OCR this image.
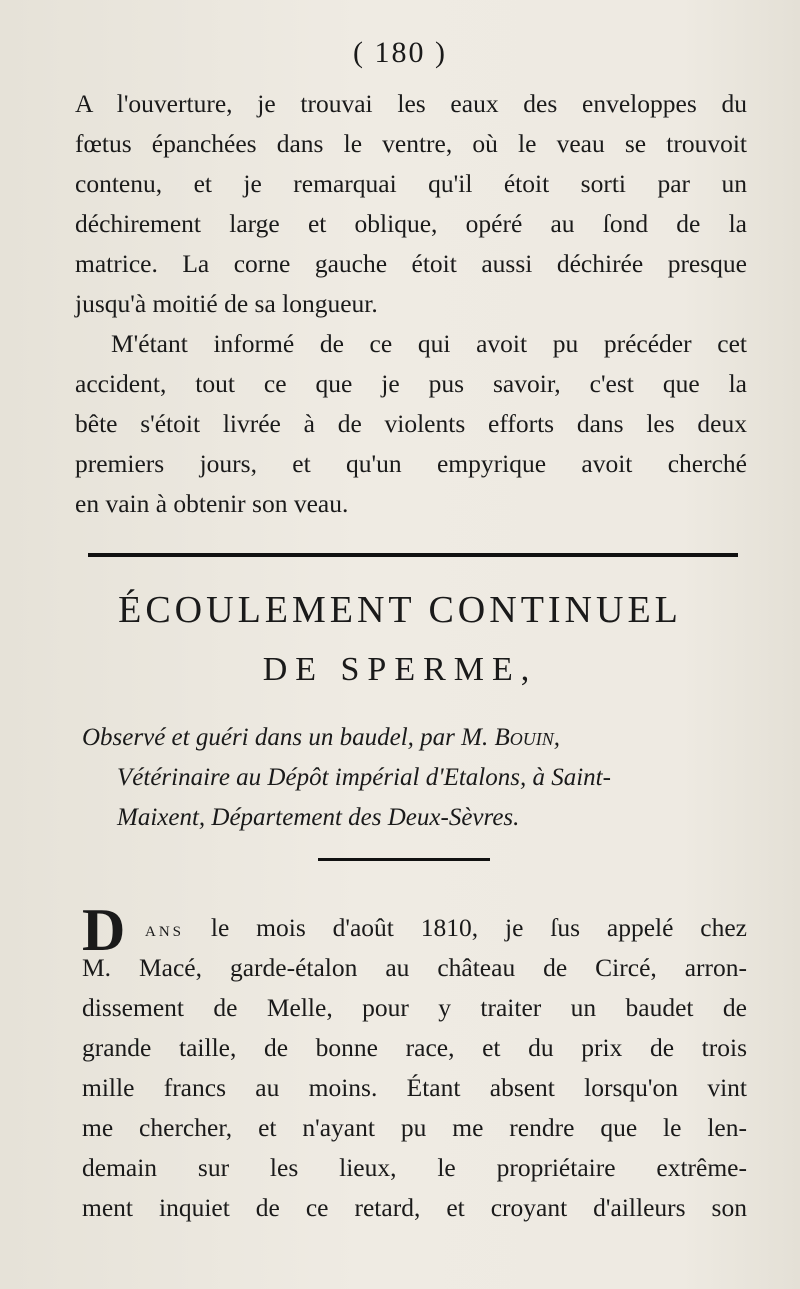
( 180 )
A l'ouverture, je trouvai les eaux des enveloppes du
fœtus épanchées dans le ventre, où le veau se trouvoit
contenu, et je remarquai qu'il étoit sorti par un
déchirement large et oblique, opéré au ſond de la
matrice. La corne gauche étoit aussi déchirée presque
jusqu'à moitié de sa longueur.
M'étant informé de ce qui avoit pu précéder cet
accident, tout ce que je pus savoir, c'est que la
bête s'étoit livrée à de violents efforts dans les deux
premiers jours, et qu'un empyrique avoit cherché
en vain à obtenir son veau.
ÉCOULEMENT CONTINUEL
DE SPERME,
Observé et guéri dans un baudel, par M. Bouin,
Vétérinaire au Dépôt impérial d'Etalons, à Saint-
Maixent, Département des Deux-Sèvres.
D ans le mois d'août 1810, je ſus appelé chez
M. Macé, garde-étalon au château de Circé, arron-
dissement de Melle, pour y traiter un baudet de
grande taille, de bonne race, et du prix de trois
mille francs au moins. Étant absent lorsqu'on vint
me chercher, et n'ayant pu me rendre que le len-
demain sur les lieux, le propriétaire extrême-
ment inquiet de ce retard, et croyant d'ailleurs son
